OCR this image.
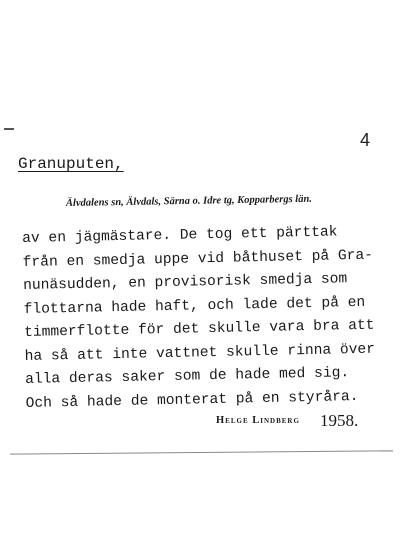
4
Granuputen,
Älvdalens sn, Älvdals, Särna o. Idre tg, Kopparbergs län.
av en jägmästare. De tog ett pärttak
från en smedja uppe vid båthuset på Gra-
nunäsudden, en provisorisk smedja som
flottarna hade haft, och lade det på en
timmerflotte för det skulle vara bra att
ha så att inte vattnet skulle rinna över
alla deras saker som de hade med sig.
Och så hade de monterat på en styråra.
Helge Lindberg 1958.
